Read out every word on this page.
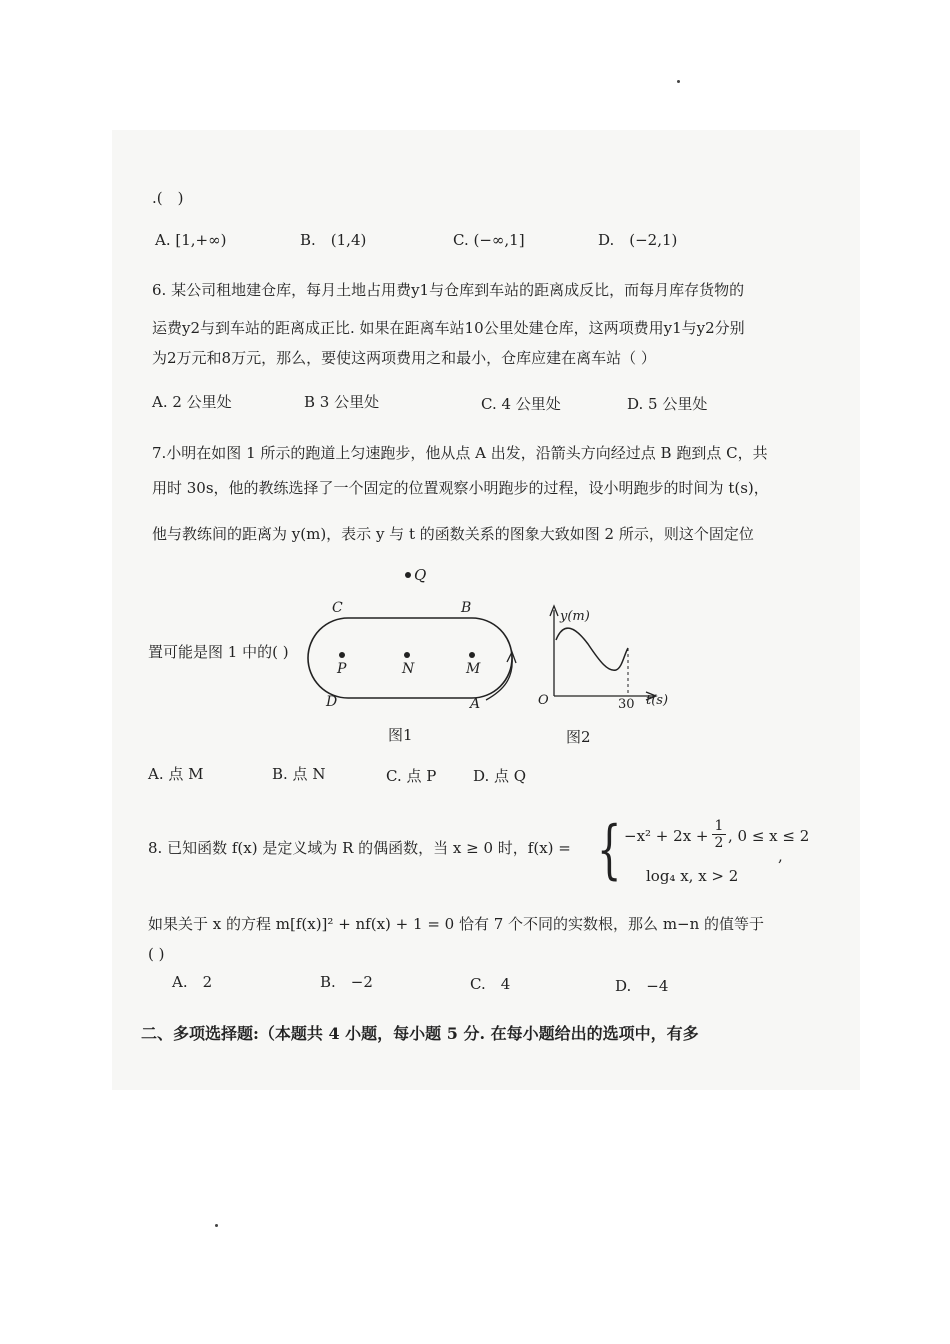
.(　)
A. [1,+∞)	B.　(1,4)	C. (−∞,1]	D.　(−2,1)
6. 某公司租地建仓库，每月土地占用费y1与仓库到车站的距离成反比，而每月库存货物的
运费y2与到车站的距离成正比. 如果在距离车站10公里处建仓库，这两项费用y1与y2分别
为2万元和8万元，那么，要使这两项费用之和最小，仓库应建在离车站（ ）
A. 2 公里处	B 3 公里处	C. 4 公里处	D. 5 公里处
7.小明在如图 1 所示的跑道上匀速跑步，他从点 A 出发，沿箭头方向经过点 B 跑到点 C，共
用时 30s，他的教练选择了一个固定的位置观察小明跑步的过程，设小明跑步的时间为 t(s)，
他与教练间的距离为 y(m)，表示 y 与 t 的函数关系的图象大致如图 2 所示，则这个固定位
置可能是图 1 中的( )
Q
C	B
P	N	M
D	A
图1
y(m)
O	30 t(s)
图2
A. 点 M	B. 点 N	C. 点 P D. 点 Q
8. 已知函数 f(x) 是定义域为 R 的偶函数，当 x ≥ 0 时，f(x) = { $-x^2 + 2x + \frac{1}{2}$ , 0 ≤ x ≤ 2
,
log₄ x, x > 2
如果关于 x 的方程 m[f(x)]² + nf(x) + 1 = 0 恰有 7 个不同的实数根，那么 m−n 的值等于
( )
A.　2	B.　−2	C.　4	D.　−4
二、多项选择题:（本题共 4 小题，每小题 5 分. 在每小题给出的选项中，有多
